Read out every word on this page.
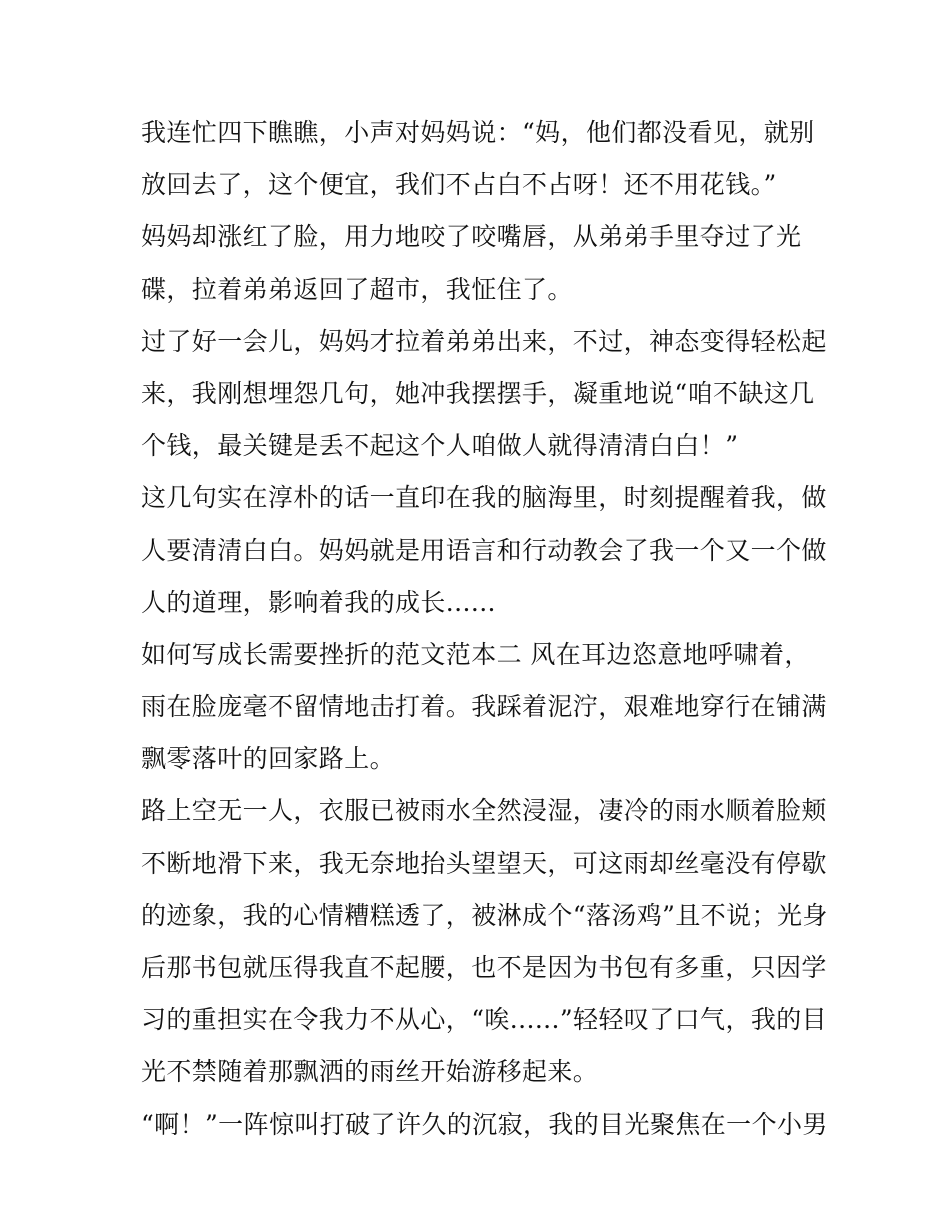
我连忙四下瞧瞧，小声对妈妈说：“妈，他们都没看见，就别
放回去了，这个便宜，我们不占白不占呀！还不用花钱。”
妈妈却涨红了脸，用力地咬了咬嘴唇，从弟弟手里夺过了光
碟，拉着弟弟返回了超市，我怔住了。
过了好一会儿，妈妈才拉着弟弟出来，不过，神态变得轻松起
来，我刚想埋怨几句，她冲我摆摆手，凝重地说“咱不缺这几
个钱，最关键是丢不起这个人咱做人就得清清白白！”
这几句实在淳朴的话一直印在我的脑海里，时刻提醒着我，做
人要清清白白。妈妈就是用语言和行动教会了我一个又一个做
人的道理，影响着我的成长......
如何写成长需要挫折的范文范本二 风在耳边恣意地呼啸着，
雨在脸庞毫不留情地击打着。我踩着泥泞，艰难地穿行在铺满
飘零落叶的回家路上。
路上空无一人，衣服已被雨水全然浸湿，凄冷的雨水顺着脸颊
不断地滑下来，我无奈地抬头望望天，可这雨却丝毫没有停歇
的迹象，我的心情糟糕透了，被淋成个“落汤鸡”且不说；光身
后那书包就压得我直不起腰，也不是因为书包有多重，只因学
习的重担实在令我力不从心，“唉......”轻轻叹了口气，我的目
光不禁随着那飘洒的雨丝开始游移起来。
“啊！”一阵惊叫打破了许久的沉寂，我的目光聚焦在一个小男
